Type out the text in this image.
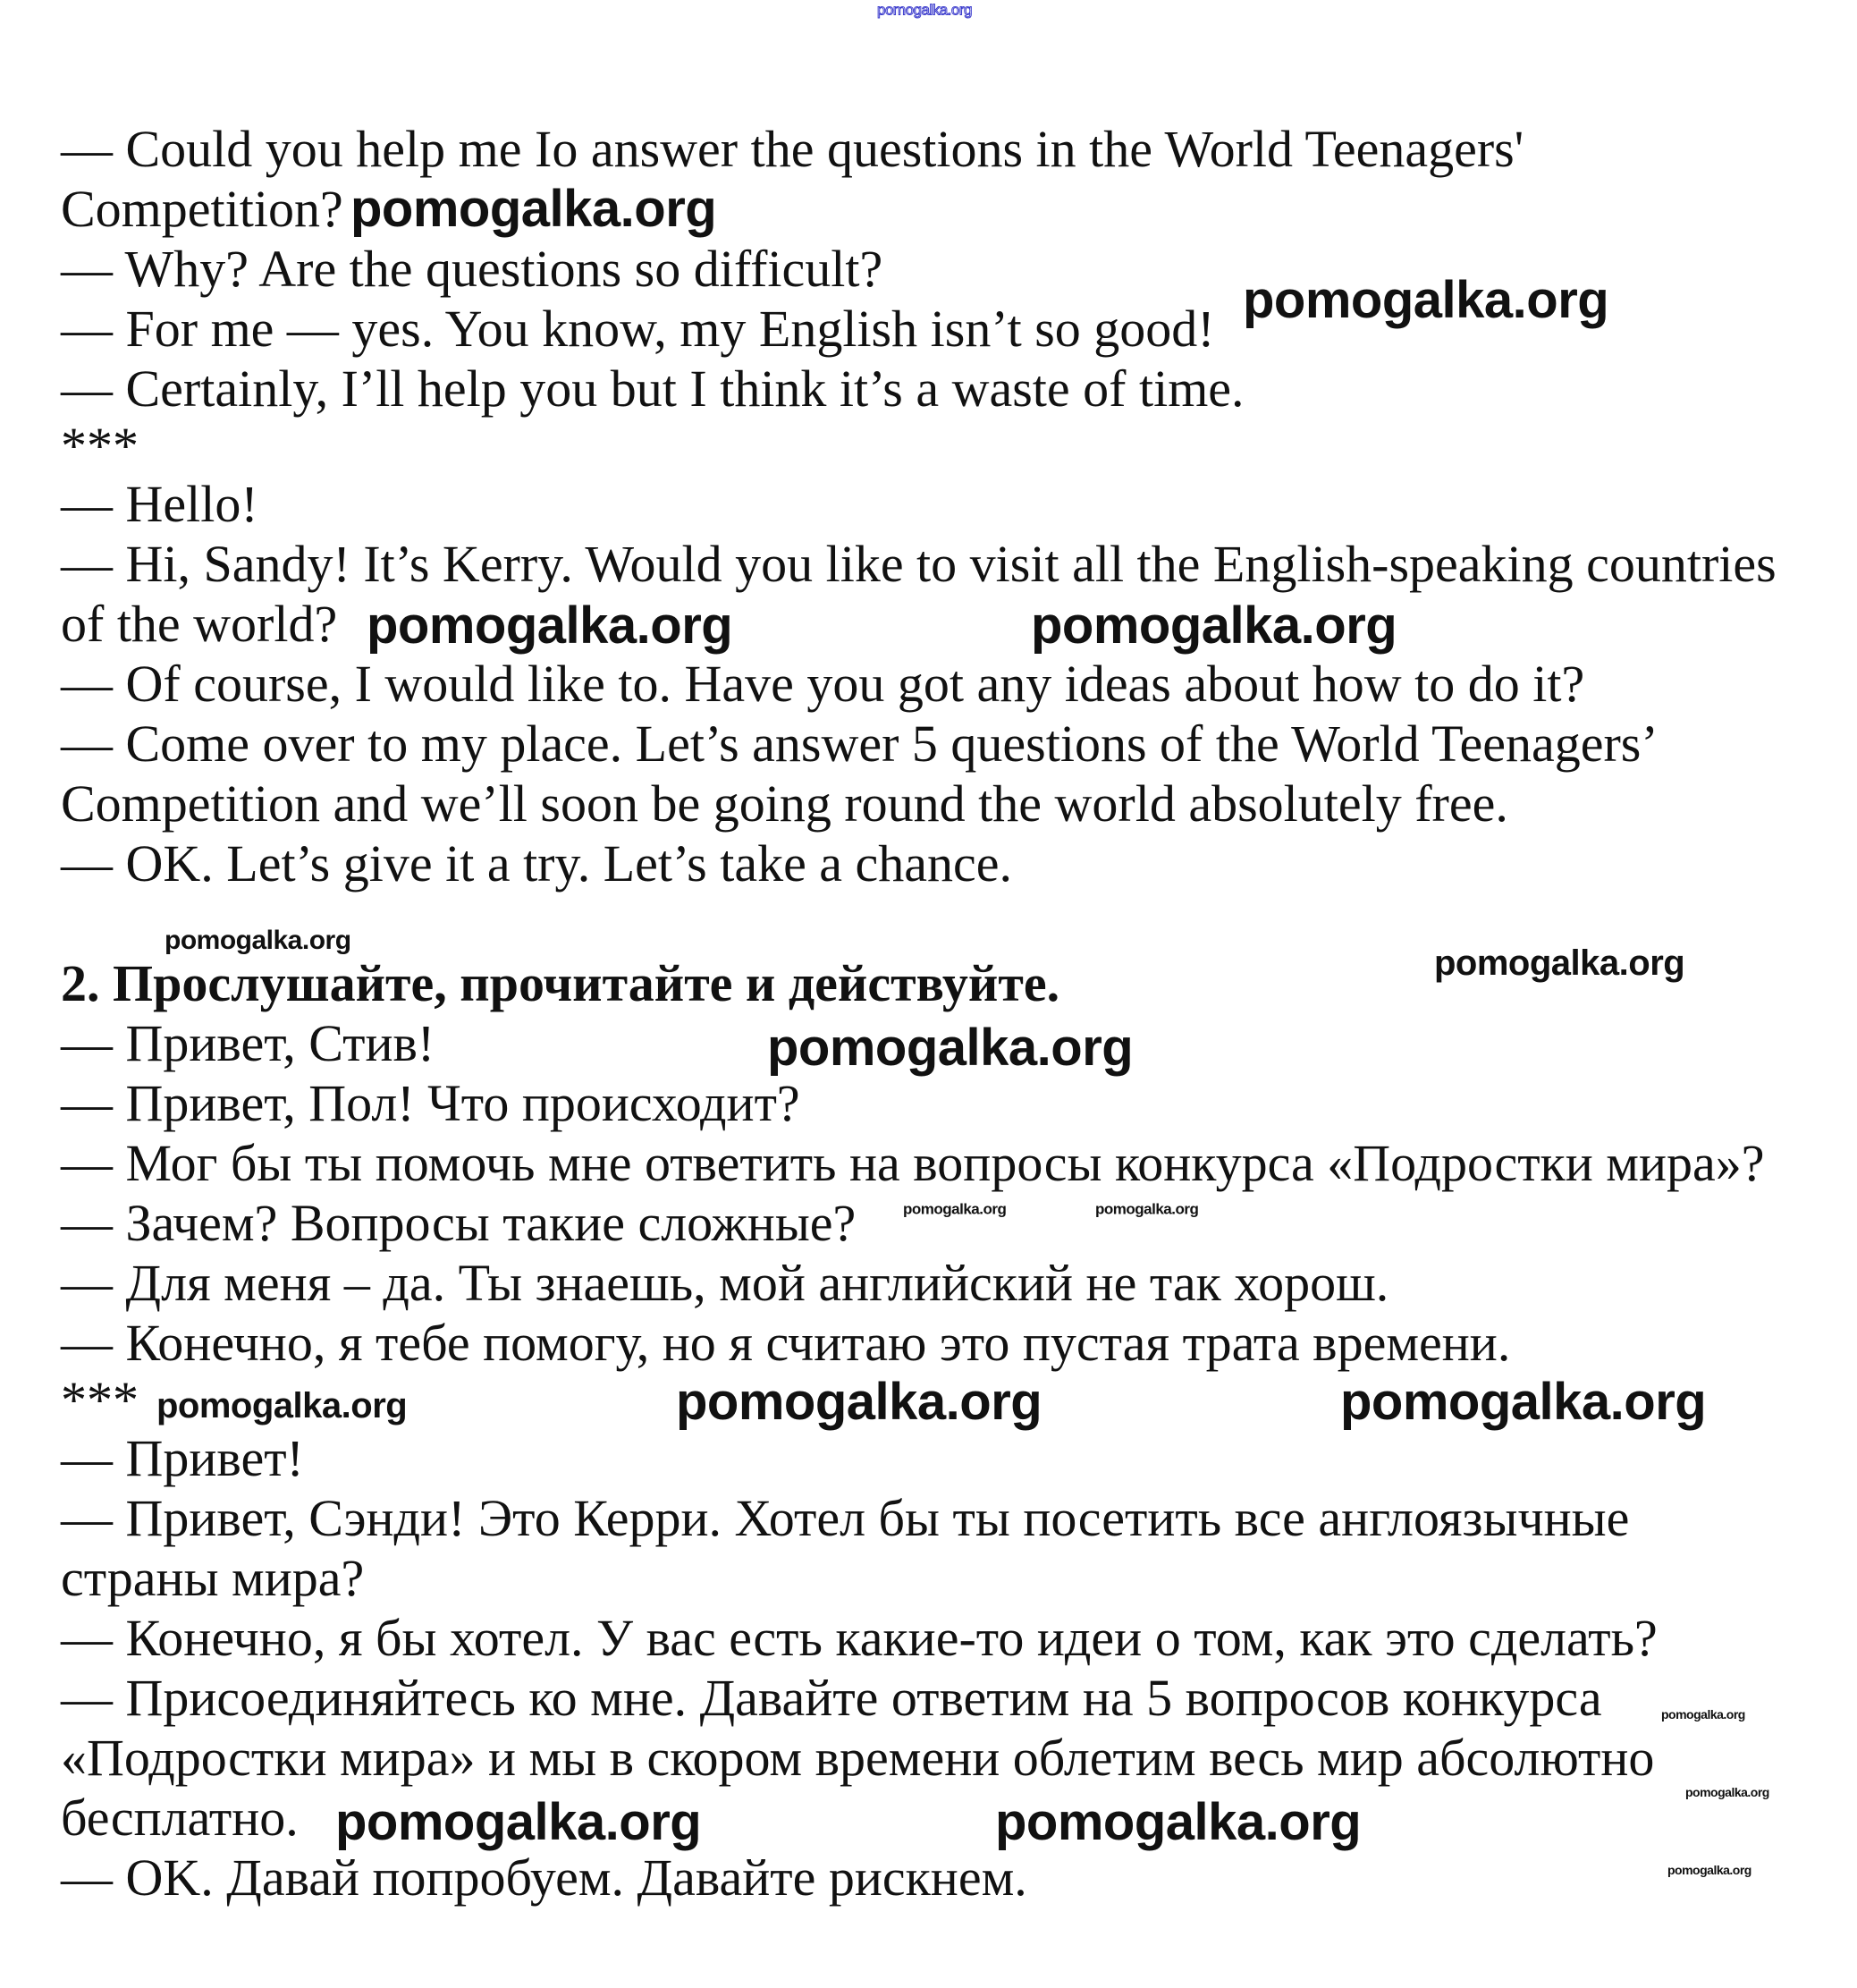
— Could you help me Io answer the questions in the World Teenagers'
Competition?
— Why? Are the questions so difficult?
— For me — yes. You know, my English isn’t so good!
— Certainly, I’ll help you but I think it’s a waste of time.
***
— Hello!
— Hi, Sandy! It’s Kerry. Would you like to visit all the English-speaking countries
of the world?
— Of course, I would like to. Have you got any ideas about how to do it?
— Come over to my place. Let’s answer 5 questions of the World Teenagers’
Competition and we’ll soon be going round the world absolutely free.
— OK. Let’s give it a try. Let’s take a chance.
2. Прослушайте, прочитайте и действуйте.
— Привет, Стив!
— Привет, Пол! Что происходит?
— Мог бы ты помочь мне ответить на вопросы конкурса «Подростки мира»?
— Зачем? Вопросы такие сложные?
— Для меня – да. Ты знаешь, мой английский не так хорош.
— Конечно, я тебе помогу, но я считаю это пустая трата времени.
***
— Привет!
— Привет, Сэнди! Это Керри. Хотел бы ты посетить все англоязычные
страны мира?
— Конечно, я бы хотел. У вас есть какие-то идеи о том, как это сделать?
— Присоединяйтесь ко мне. Давайте ответим на 5 вопросов конкурса
«Подростки мира» и мы в скором времени облетим весь мир абсолютно
бесплатно.
— OK. Давай попробуем. Давайте рискнем.
pomogalka.org
pomogalka.org
pomogalka.org
pomogalka.org	pomogalka.org
pomogalka.org
pomogalka.org
pomogalka.org
pomogalka.org	pomogalka.org
pomogalka.org	pomogalka.org
pomogalka.org
pomogalka.org
pomogalka.org
pomogalka.org	pomogalka.org
pomogalka.org
